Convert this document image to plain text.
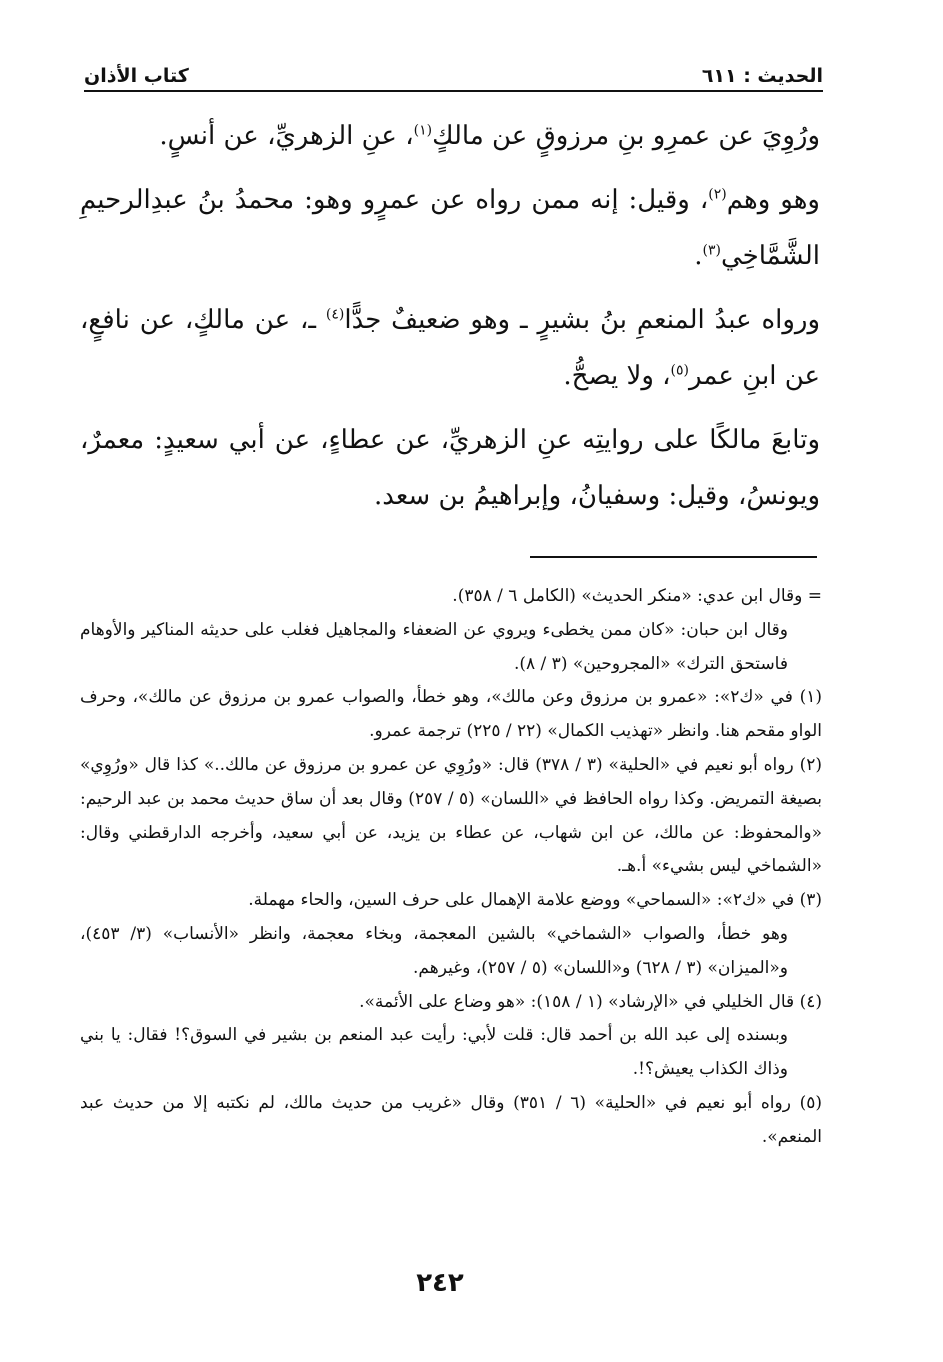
الحديث : ٦١١
كتاب الأذان

ورُوِيَ عن عمرِو بنِ مرزوقٍ عن مالكٍ$^{(١)}$، عنِ الزهريِّ، عن أنسٍ.

وهو وهم$^{(٢)}$، وقيل: إنه ممن رواه عن عمرٍو وهو: محمدُ بنُ عبدِالرحيمِ الشَّمَّاخِي$^{(٣)}$.

ورواه عبدُ المنعمِ بنُ بشيرٍ ـ وهو ضعيفٌ جدًّا$^{(٤)}$ ـ، عن مالكٍ، عن نافعٍ، عن ابنِ عمر$^{(٥)}$، ولا يصحُّ.

وتابعَ مالكًا على روايتِه عنِ الزهريِّ، عن عطاءٍ، عن أبي سعيدٍ: معمرٌ، ويونسُ، وقيل: وسفيانُ، وإبراهيمُ بن سعد.

= وقال ابن عدي: «منكر الحديث» (الكامل ٦ / ٣٥٨).

وقال ابن حبان: «كان ممن يخطىء ويروي عن الضعفاء والمجاهيل فغلب على حديثه المناكير والأوهام فاستحق الترك» «المجروحين» (٣ / ٨).

(١) في «ك٢»: «عمرو بن مرزوق وعن مالك»، وهو خطأ، والصواب عمرو بن مرزوق عن مالك»، وحرف الواو مقحم هنا. وانظر «تهذيب الكمال» (٢٢ / ٢٢٥) ترجمة عمرو.

(٢) رواه أبو نعيم في «الحلية» (٣ / ٣٧٨) قال: «ورُوِي عن عمرو بن مرزوق عن مالك..» كذا قال «ورُوِي» بصيغة التمريض. وكذا رواه الحافظ في «اللسان» (٥ / ٢٥٧) وقال بعد أن ساق حديث محمد بن عبد الرحيم: «والمحفوظ: عن مالك، عن ابن شهاب، عن عطاء بن يزيد، عن أبي سعيد، وأخرجه الدارقطني وقال: «الشماخي ليس بشيء» أ.هـ.

(٣) في «ك٢»: «السماحي» ووضع علامة الإهمال على حرف السين، والحاء مهملة.

وهو خطأ، والصواب «الشماخي» بالشين المعجمة، وبخاء معجمة، وانظر «الأنساب» (٣/ ٤٥٣)، و«الميزان» (٣ / ٦٢٨) و«اللسان» (٥ / ٢٥٧)، وغيرهم.

(٤) قال الخليلي في «الإرشاد» (١ / ١٥٨): «هو وضاع على الأئمة».

وبسنده إلى عبد الله بن أحمد قال: قلت لأبي: رأيت عبد المنعم بن بشير في السوق؟! فقال: يا بني وذاك الكذاب يعيش؟!.

(٥) رواه أبو نعيم في «الحلية» (٦ / ٣٥١) وقال «غريب من حديث مالك، لم نكتبه إلا من حديث عبد المنعم».

٢٤٢
